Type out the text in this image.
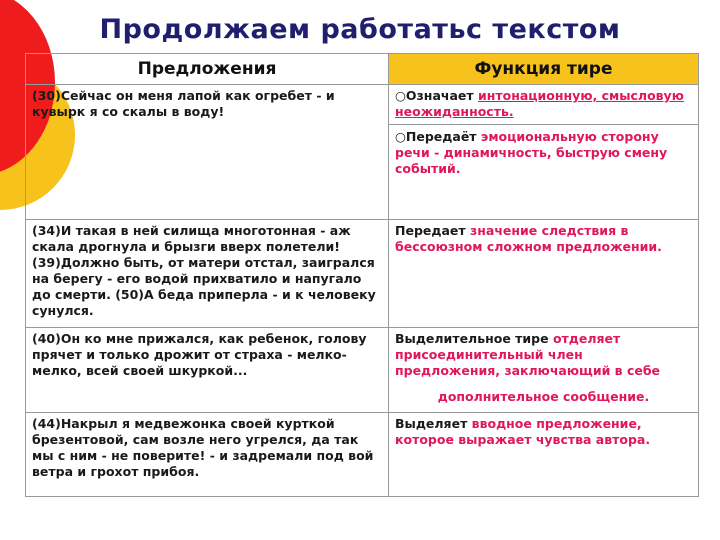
Продолжаем работатьс текстом
Предложения	Функция тире
(30)Сейчас он меня лапой как огребет - и кувырк я со скалы в воду!	○Означает интонационную, смысловую неожиданность.
○Передаёт эмоциональную сторону речи - динамичность, быструю смену событий.

(34)И такая в ней силища многотонная - аж скала дрогнула и брызги вверх полетели! (39)Должно быть, от матери отстал, заигрался на берегу - его водой прихватило и напугало до смерти. (50)А беда приперла - и к человеку сунулся.	Передает значение следствия в бессоюзном сложном предложении.
(40)Он ко мне прижался, как ребенок, голову прячет и только дрожит от страха - мелко-мелко, всей своей шкуркой...	Выделительное тире отделяет присоединительный член предложения, заключающий в себе
дополнительное сообщение.

(44)Накрыл я медвежонка своей курткой брезентовой, сам возле него угрелся, да так мы с ним - не поверите! - и задремали под вой ветра и грохот прибоя.	Выделяет вводное предложение,
которое выражает чувства автора.
